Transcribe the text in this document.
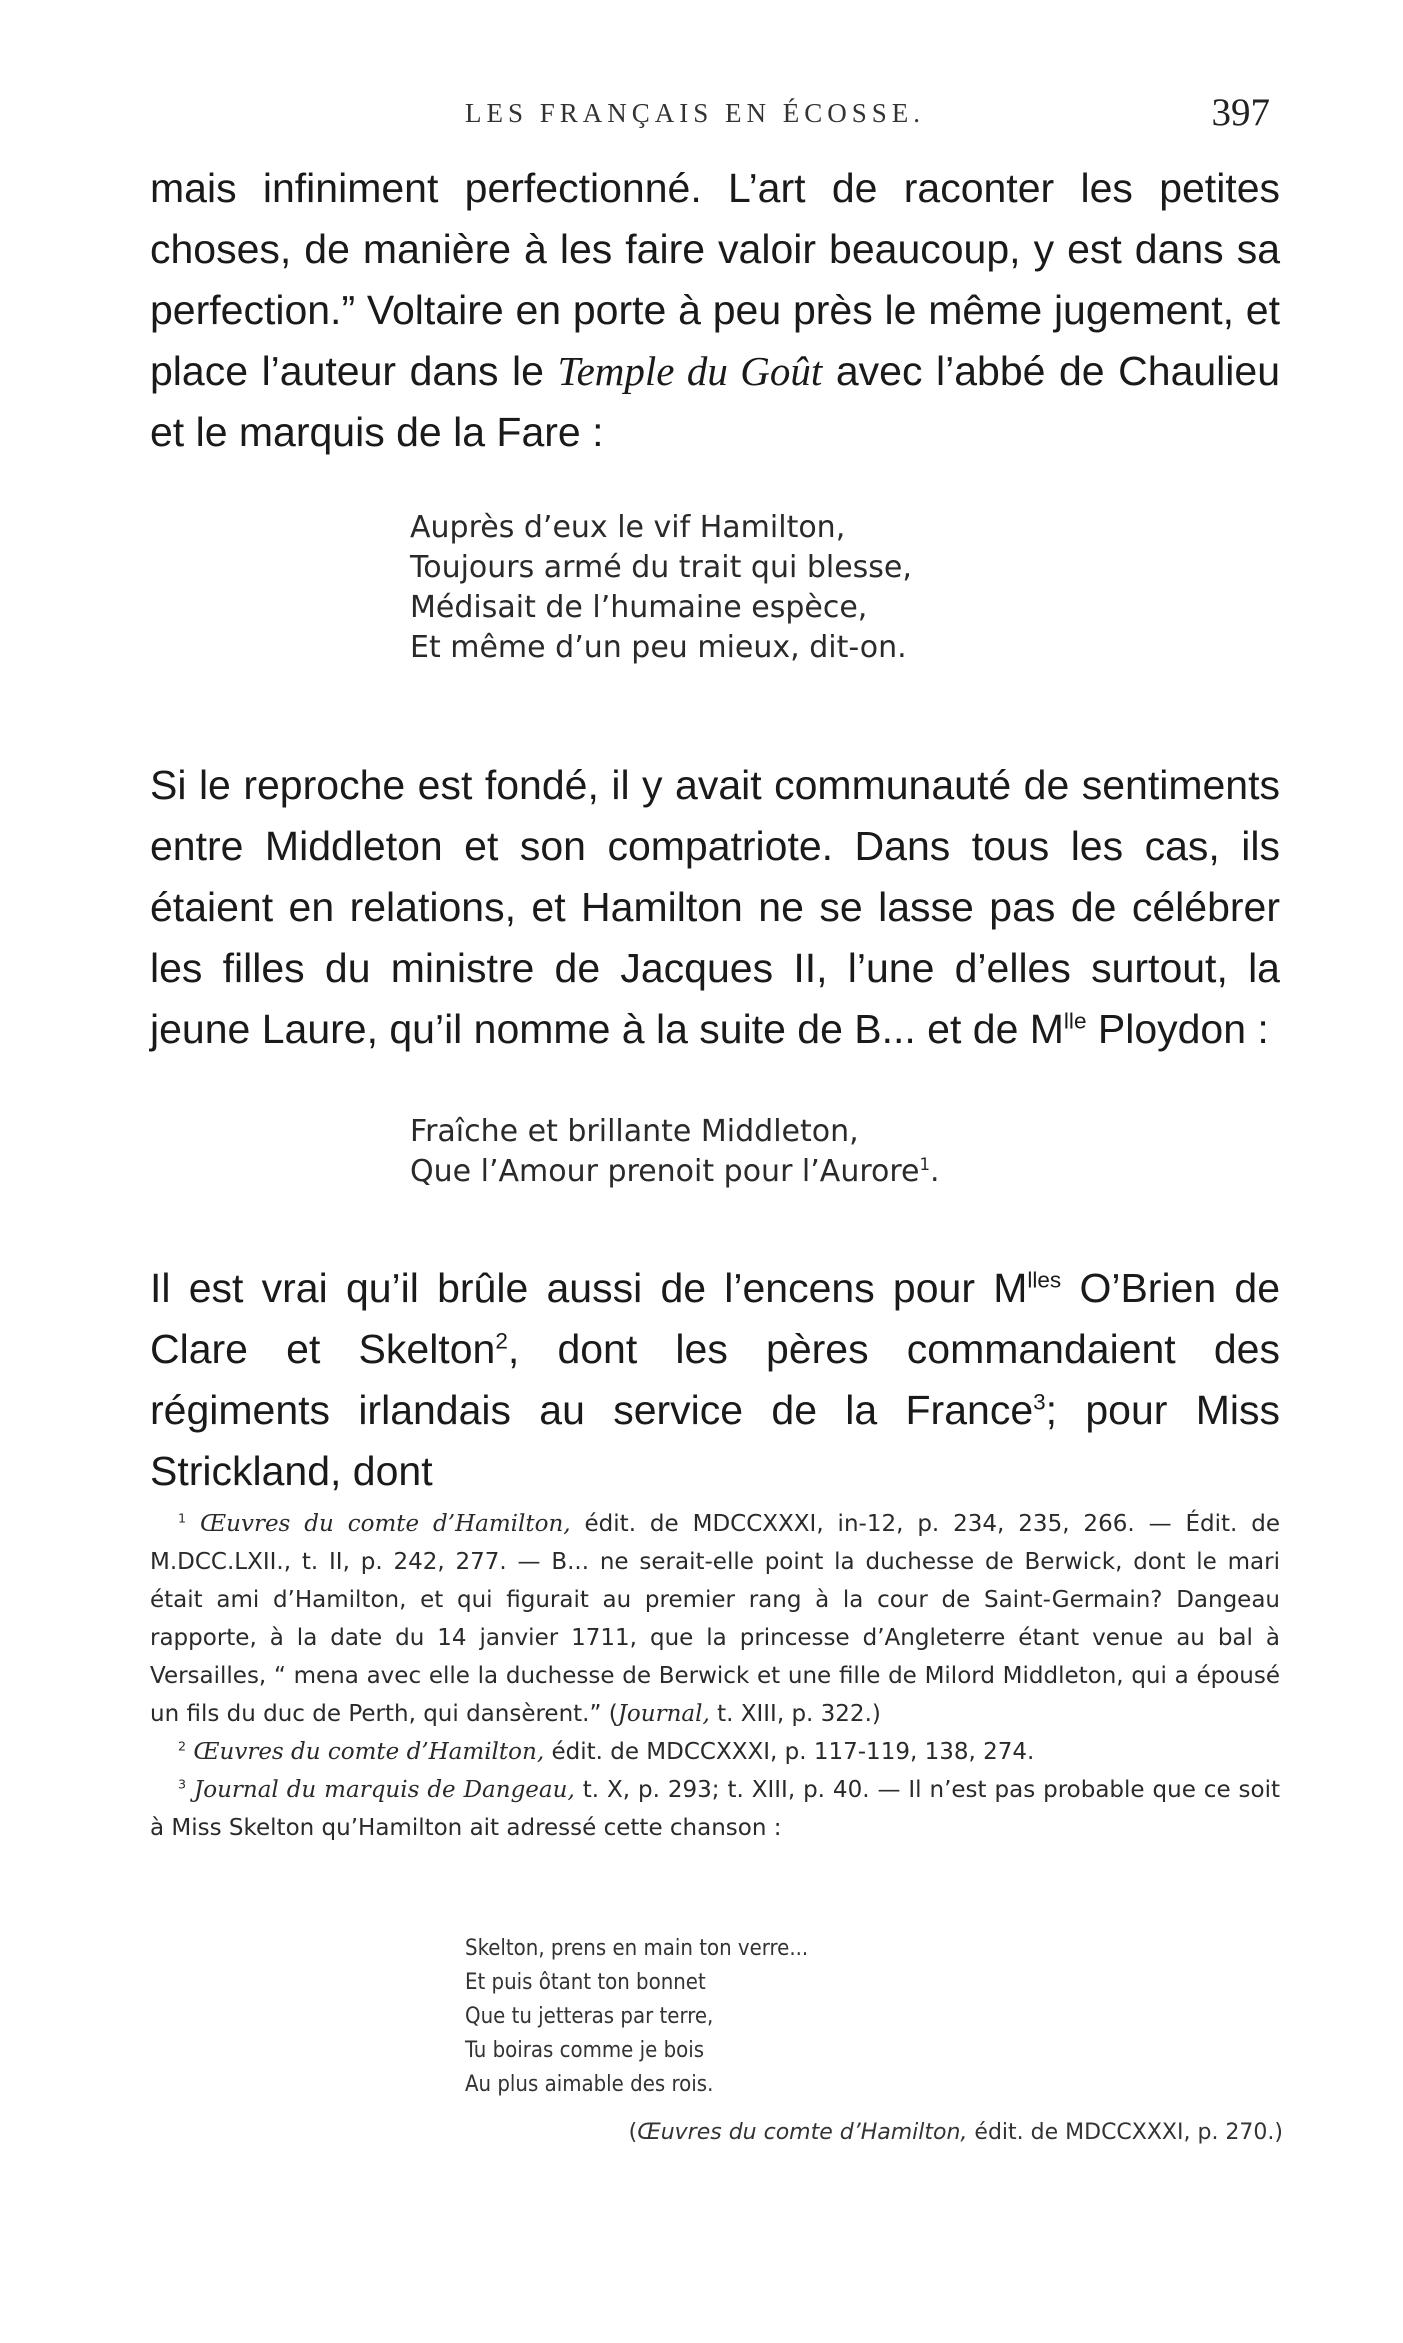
LES FRANÇAIS EN ÉCOSSE.	397

mais infiniment perfectionné. L’art de raconter les petites choses, de manière à les faire valoir beaucoup, y est dans sa perfection.” Voltaire en porte à peu près le même jugement, et place l’auteur dans le Temple du Goût avec l’abbé de Chaulieu et le marquis de la Fare :

Auprès d’eux le vif Hamilton,
Toujours armé du trait qui blesse,
Médisait de l’humaine espèce,
Et même d’un peu mieux, dit-on.

Si le reproche est fondé, il y avait communauté de sentiments entre Middleton et son compatriote. Dans tous les cas, ils étaient en relations, et Hamilton ne se lasse pas de célébrer les filles du ministre de Jacques II, l’une d’elles surtout, la jeune Laure, qu’il nomme à la suite de B... et de $M^{lle}$ Ploydon :

Fraîche et brillante Middleton,
Que l’Amour prenoit pour l’Aurore$^1$.

Il est vrai qu’il brûle aussi de l’encens pour $M^{lles}$ O’Brien de Clare et Skelton$^2$, dont les pères commandaient des régiments irlandais au service de la France$^3$; pour Miss Strickland, dont

$^1$ Œuvres du comte d’Hamilton, édit. de MDCCXXXI, in-12, p. 234, 235, 266. — Édit. de M.DCC.LXII., t. II, p. 242, 277. — B... ne serait-elle point la duchesse de Berwick, dont le mari était ami d’Hamilton, et qui figurait au premier rang à la cour de Saint-Germain? Dangeau rapporte, à la date du 14 janvier 1711, que la princesse d’Angleterre étant venue au bal à Versailles, “ mena avec elle la duchesse de Berwick et une fille de Milord Middleton, qui a épousé un fils du duc de Perth, qui dansèrent.” (Journal, t. XIII, p. 322.)

$^2$ Œuvres du comte d’Hamilton, édit. de MDCCXXXI, p. 117-119, 138, 274.

$^3$ Journal du marquis de Dangeau, t. X, p. 293; t. XIII, p. 40. — Il n’est pas probable que ce soit à Miss Skelton qu’Hamilton ait adressé cette chanson :

Skelton, prens en main ton verre...
Et puis ôtant ton bonnet
Que tu jetteras par terre,
Tu boiras comme je bois
Au plus aimable des rois.
(Œuvres du comte d’Hamilton, édit. de MDCCXXXI, p. 270.)
